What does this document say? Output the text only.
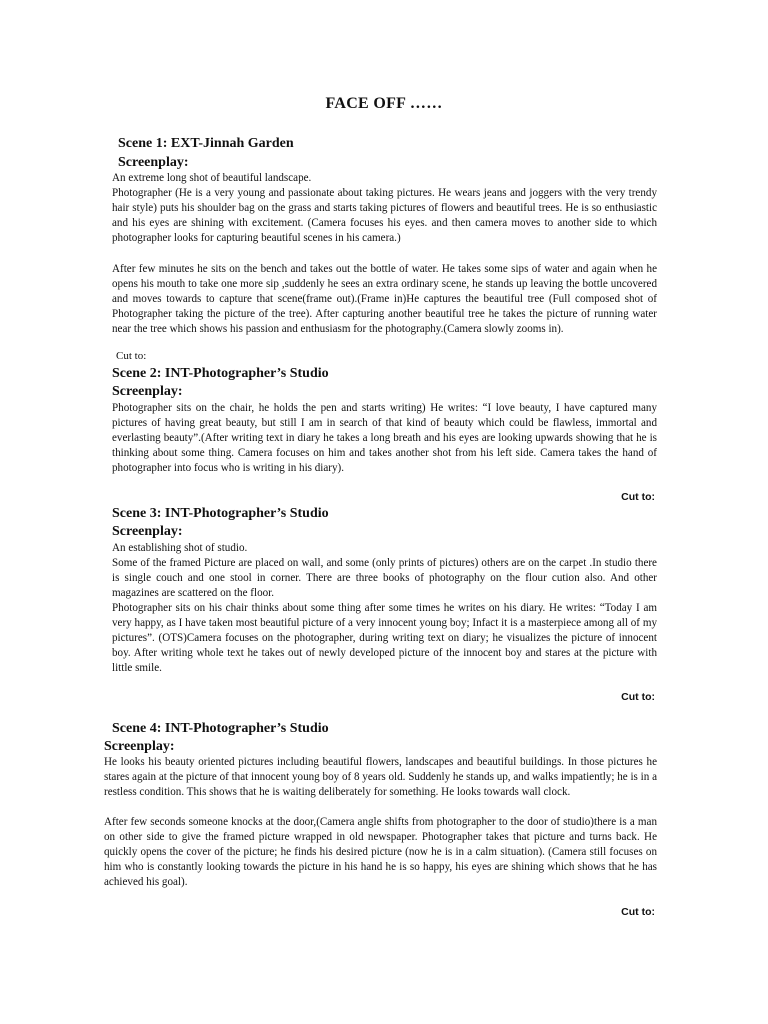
FACE OFF ……
Scene 1: EXT-Jinnah Garden
Screenplay:

An extreme long shot of beautiful landscape.

Photographer (He is a very young and passionate about taking pictures. He wears jeans and joggers with the very trendy hair style) puts his shoulder bag on the grass and starts taking pictures of flowers and beautiful trees. He is so enthusiastic and his eyes are shining with excitement. (Camera focuses his eyes. and then camera moves to another side to which photographer looks for capturing beautiful scenes in his camera.)

After few minutes he sits on the bench and takes out the bottle of water. He takes some sips of water and again when he opens his mouth to take one more sip ,suddenly he sees an extra ordinary scene, he stands up leaving the bottle uncovered and moves towards to capture that scene(frame out).(Frame in)He captures the beautiful tree (Full composed shot of Photographer taking the picture of the tree). After capturing another beautiful tree he takes the picture of running water near the tree which shows his passion and enthusiasm for the photography.(Camera slowly zooms in).

Cut to:
Scene 2: INT-Photographer’s Studio
Screenplay:

Photographer sits on the chair, he holds the pen and starts writing) He writes: “I love beauty, I have captured many pictures of having great beauty, but still I am in search of that kind of beauty which could be flawless, immortal and everlasting beauty”.(After writing text in diary he takes a long breath and his eyes are looking upwards showing that he is thinking about some thing. Camera focuses on him and takes another shot from his left side. Camera takes the hand of photographer into focus who is writing in his diary).

Cut to:
Scene 3: INT-Photographer’s Studio
Screenplay:

An establishing shot of studio.

Some of the framed Picture are placed on wall, and some (only prints of pictures) others are on the carpet .In studio there is single couch and one stool in corner. There are three books of photography on the flour cution also. And other magazines are scattered on the floor.

Photographer sits on his chair thinks about some thing after some times he writes on his diary. He writes: “Today I am very happy, as I have taken most beautiful picture of a very innocent young boy; Infact it is a masterpiece among all of my pictures”. (OTS)Camera focuses on the photographer, during writing text on diary; he visualizes the picture of innocent boy. After writing whole text he takes out of newly developed picture of the innocent boy and stares at the picture with little smile.

Cut to:
Scene 4: INT-Photographer’s Studio
Screenplay:

He looks his beauty oriented pictures including beautiful flowers, landscapes and beautiful buildings. In those pictures he stares again at the picture of that innocent young boy of 8 years old. Suddenly he stands up, and walks impatiently; he is in a restless condition. This shows that he is waiting deliberately for something. He looks towards wall clock.

After few seconds someone knocks at the door,(Camera angle shifts from photographer to the door of studio)there is a man on other side to give the framed picture wrapped in old newspaper. Photographer takes that picture and turns back. He quickly opens the cover of the picture; he finds his desired picture (now he is in a calm situation). (Camera still focuses on him who is constantly looking towards the picture in his hand he is so happy, his eyes are shining which shows that he has achieved his goal).

Cut to:
